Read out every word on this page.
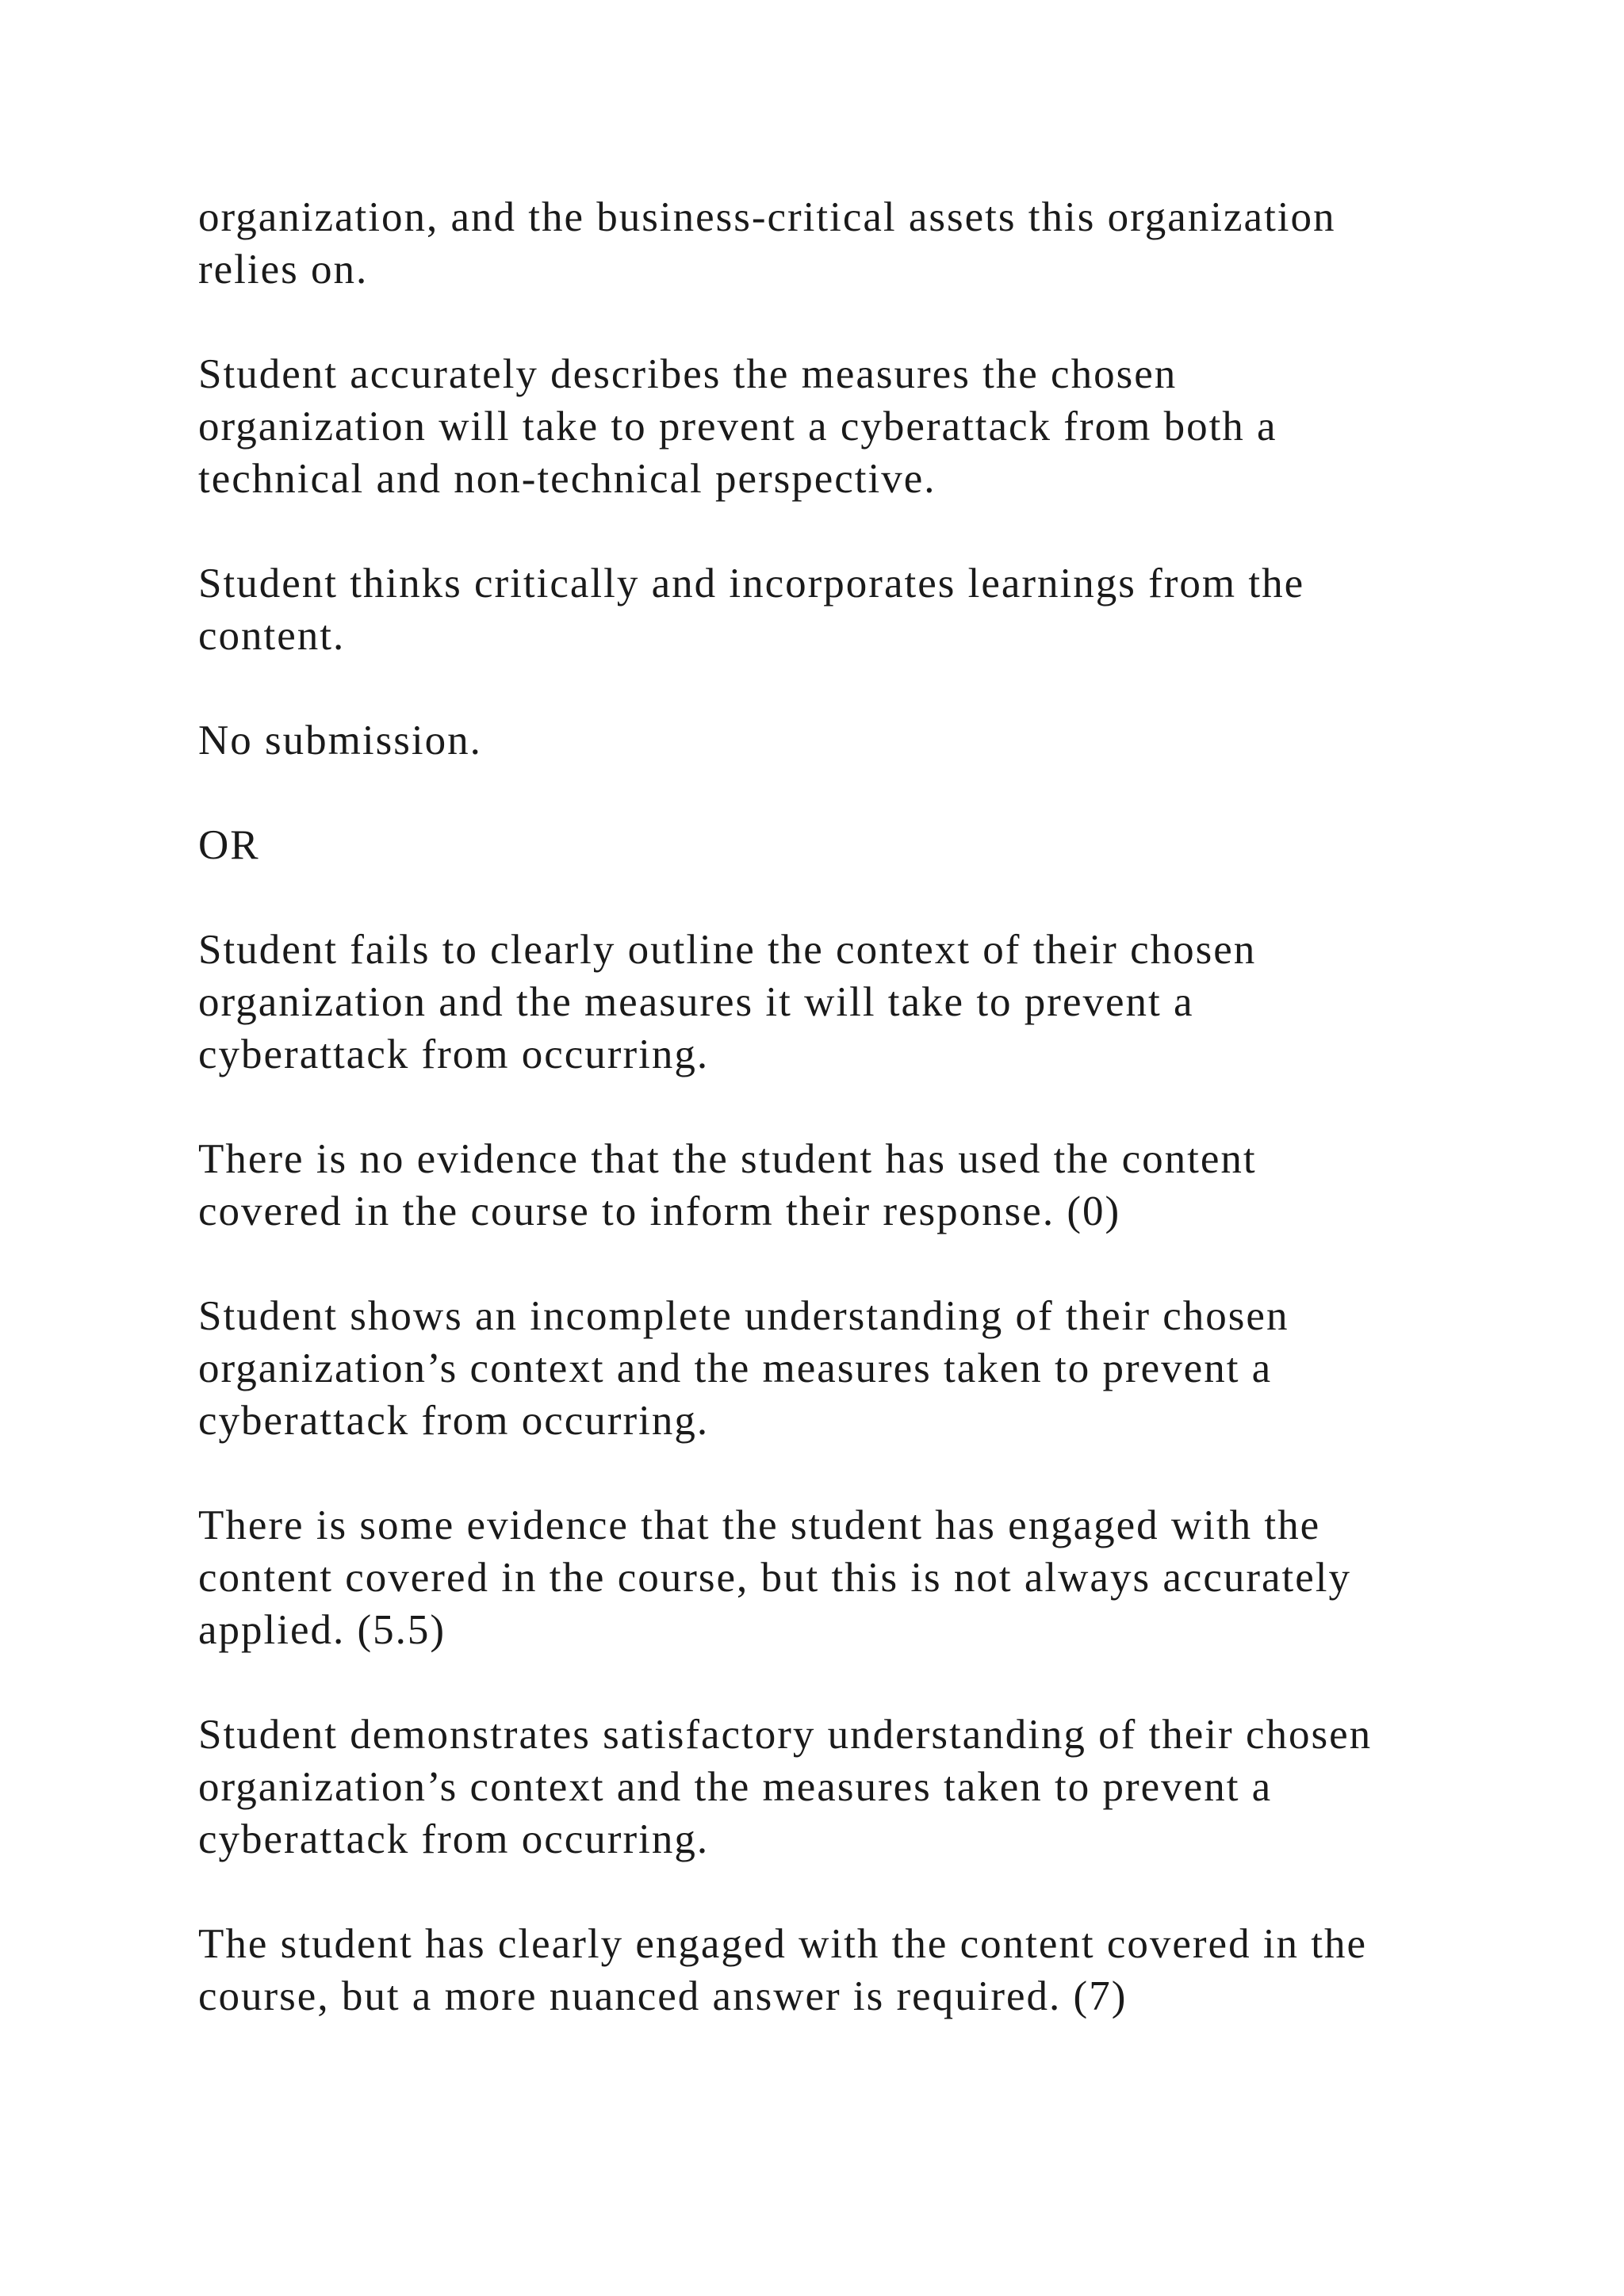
organization, and the business-critical assets this organization
relies on.

Student accurately describes the measures the chosen
organization will take to prevent a cyberattack from both a
technical and non-technical perspective.

Student thinks critically and incorporates learnings from the
content.

No submission.

OR

Student fails to clearly outline the context of their chosen
organization and the measures it will take to prevent a
cyberattack from occurring.

There is no evidence that the student has used the content
covered in the course to inform their response. (0)

Student shows an incomplete understanding of their chosen
organization’s context and the measures taken to prevent a
cyberattack from occurring.

There is some evidence that the student has engaged with the
content covered in the course, but this is not always accurately
applied. (5.5)

Student demonstrates satisfactory understanding of their chosen
organization’s context and the measures taken to prevent a
cyberattack from occurring.

The student has clearly engaged with the content covered in the
course, but a more nuanced answer is required. (7)
